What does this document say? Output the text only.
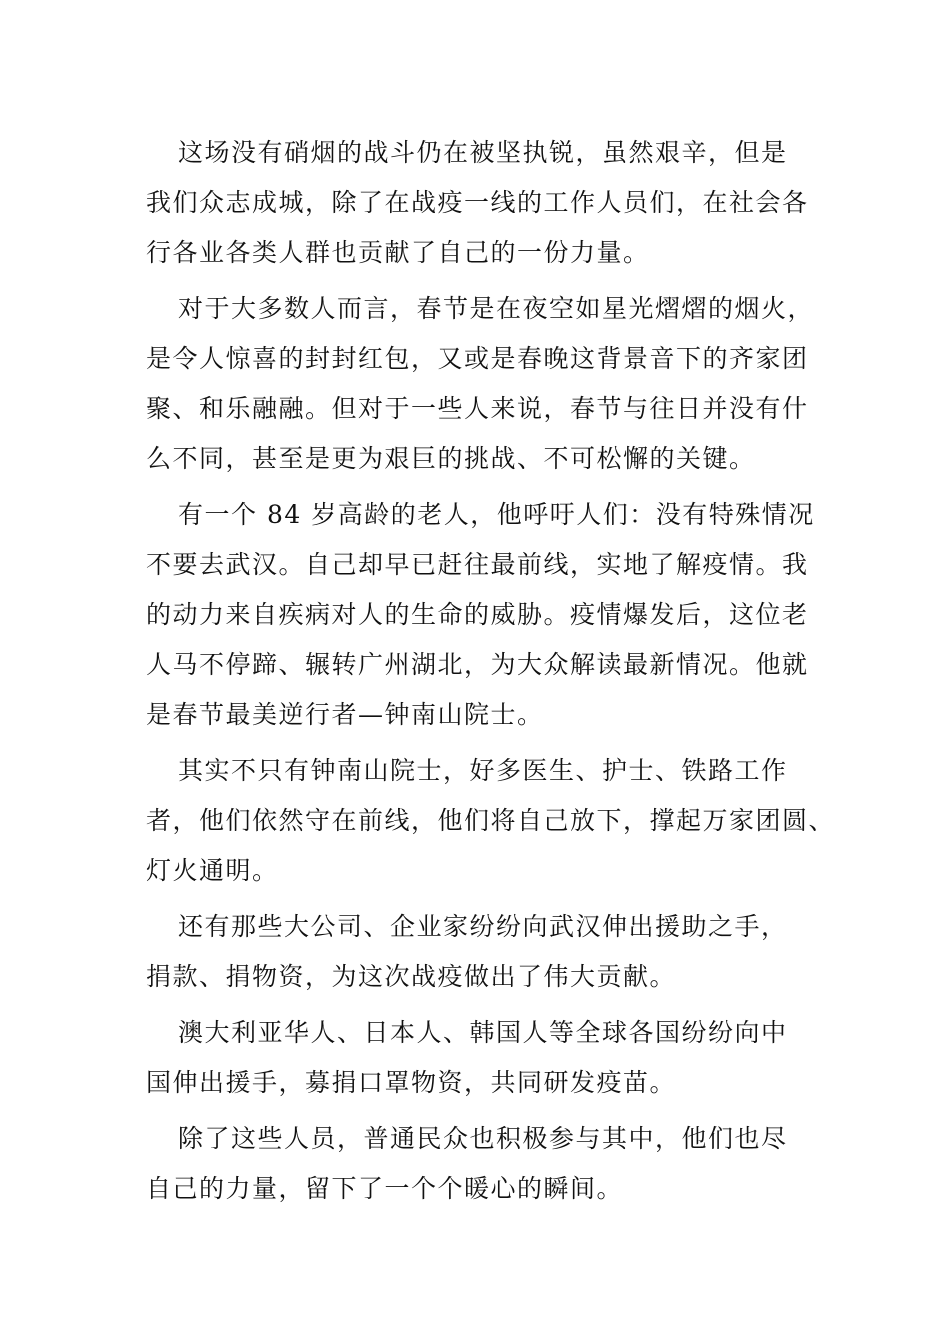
这场没有硝烟的战斗仍在被坚执锐，虽然艰辛，但是
我们众志成城，除了在战疫一线的工作人员们，在社会各
行各业各类人群也贡献了自己的一份力量。
对于大多数人而言，春节是在夜空如星光熠熠的烟火，
是令人惊喜的封封红包，又或是春晚这背景音下的齐家团
聚、和乐融融。但对于一些人来说，春节与往日并没有什
么不同，甚至是更为艰巨的挑战、不可松懈的关键。
有一个 84 岁高龄的老人，他呼吁人们：没有特殊情况
不要去武汉。自己却早已赶往最前线，实地了解疫情。我
的动力来自疾病对人的生命的威胁。疫情爆发后，这位老
人马不停蹄、辗转广州湖北，为大众解读最新情况。他就
是春节最美逆行者—钟南山院士。
其实不只有钟南山院士，好多医生、护士、铁路工作
者，他们依然守在前线，他们将自己放下，撑起万家团圆、
灯火通明。
还有那些大公司、企业家纷纷向武汉伸出援助之手，
捐款、捐物资，为这次战疫做出了伟大贡献。
澳大利亚华人、日本人、韩国人等全球各国纷纷向中
国伸出援手，募捐口罩物资，共同研发疫苗。
除了这些人员，普通民众也积极参与其中，他们也尽
自己的力量，留下了一个个暖心的瞬间。
